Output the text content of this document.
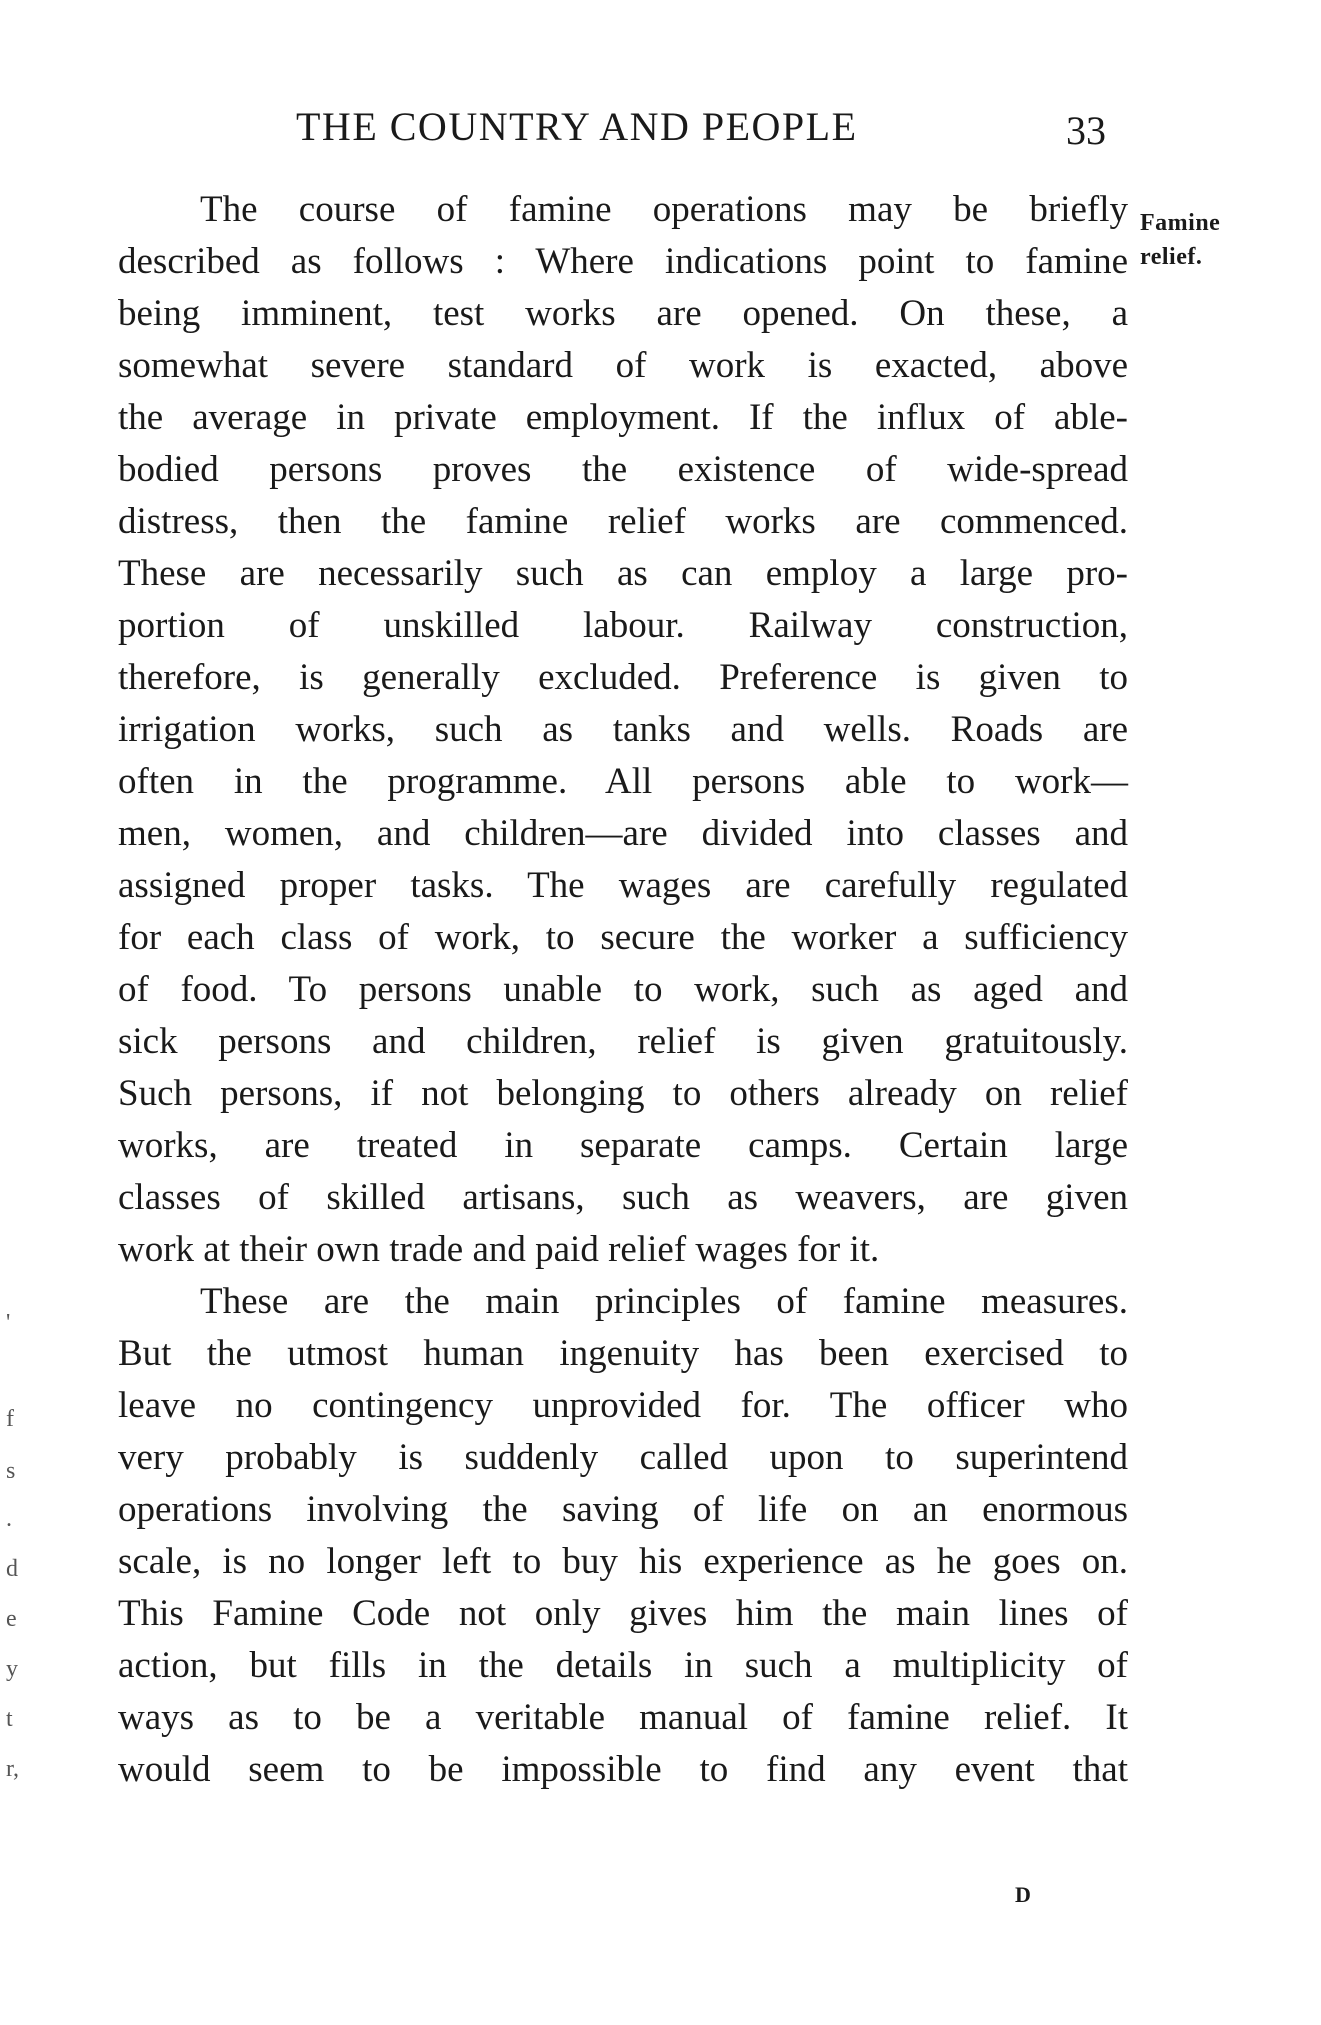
THE COUNTRY AND PEOPLE	33
Famine
relief.
The course of famine operations may be briefly
described as follows : Where indications point to famine
being imminent, test works are opened. On these, a
somewhat severe standard of work is exacted, above
the average in private employment. If the influx of able-
bodied persons proves the existence of wide-spread
distress, then the famine relief works are commenced.
These are necessarily such as can employ a large pro-
portion of unskilled labour. Railway construction,
therefore, is generally excluded. Preference is given to
irrigation works, such as tanks and wells. Roads are
often in the programme. All persons able to work—
men, women, and children—are divided into classes and
assigned proper tasks. The wages are carefully regulated
for each class of work, to secure the worker a sufficiency
of food. To persons unable to work, such as aged and
sick persons and children, relief is given gratuitously.
Such persons, if not belonging to others already on relief
works, are treated in separate camps. Certain large
classes of skilled artisans, such as weavers, are given
work at their own trade and paid relief wages for it.
These are the main principles of famine measures.
But the utmost human ingenuity has been exercised to
leave no contingency unprovided for. The officer who
very probably is suddenly called upon to superintend
operations involving the saving of life on an enormous
scale, is no longer left to buy his experience as he goes on.
This Famine Code not only gives him the main lines of
action, but fills in the details in such a multiplicity of
ways as to be a veritable manual of famine relief. It
would seem to be impossible to find any event that
D
'
f
s
.
d
e
y
t
r,
